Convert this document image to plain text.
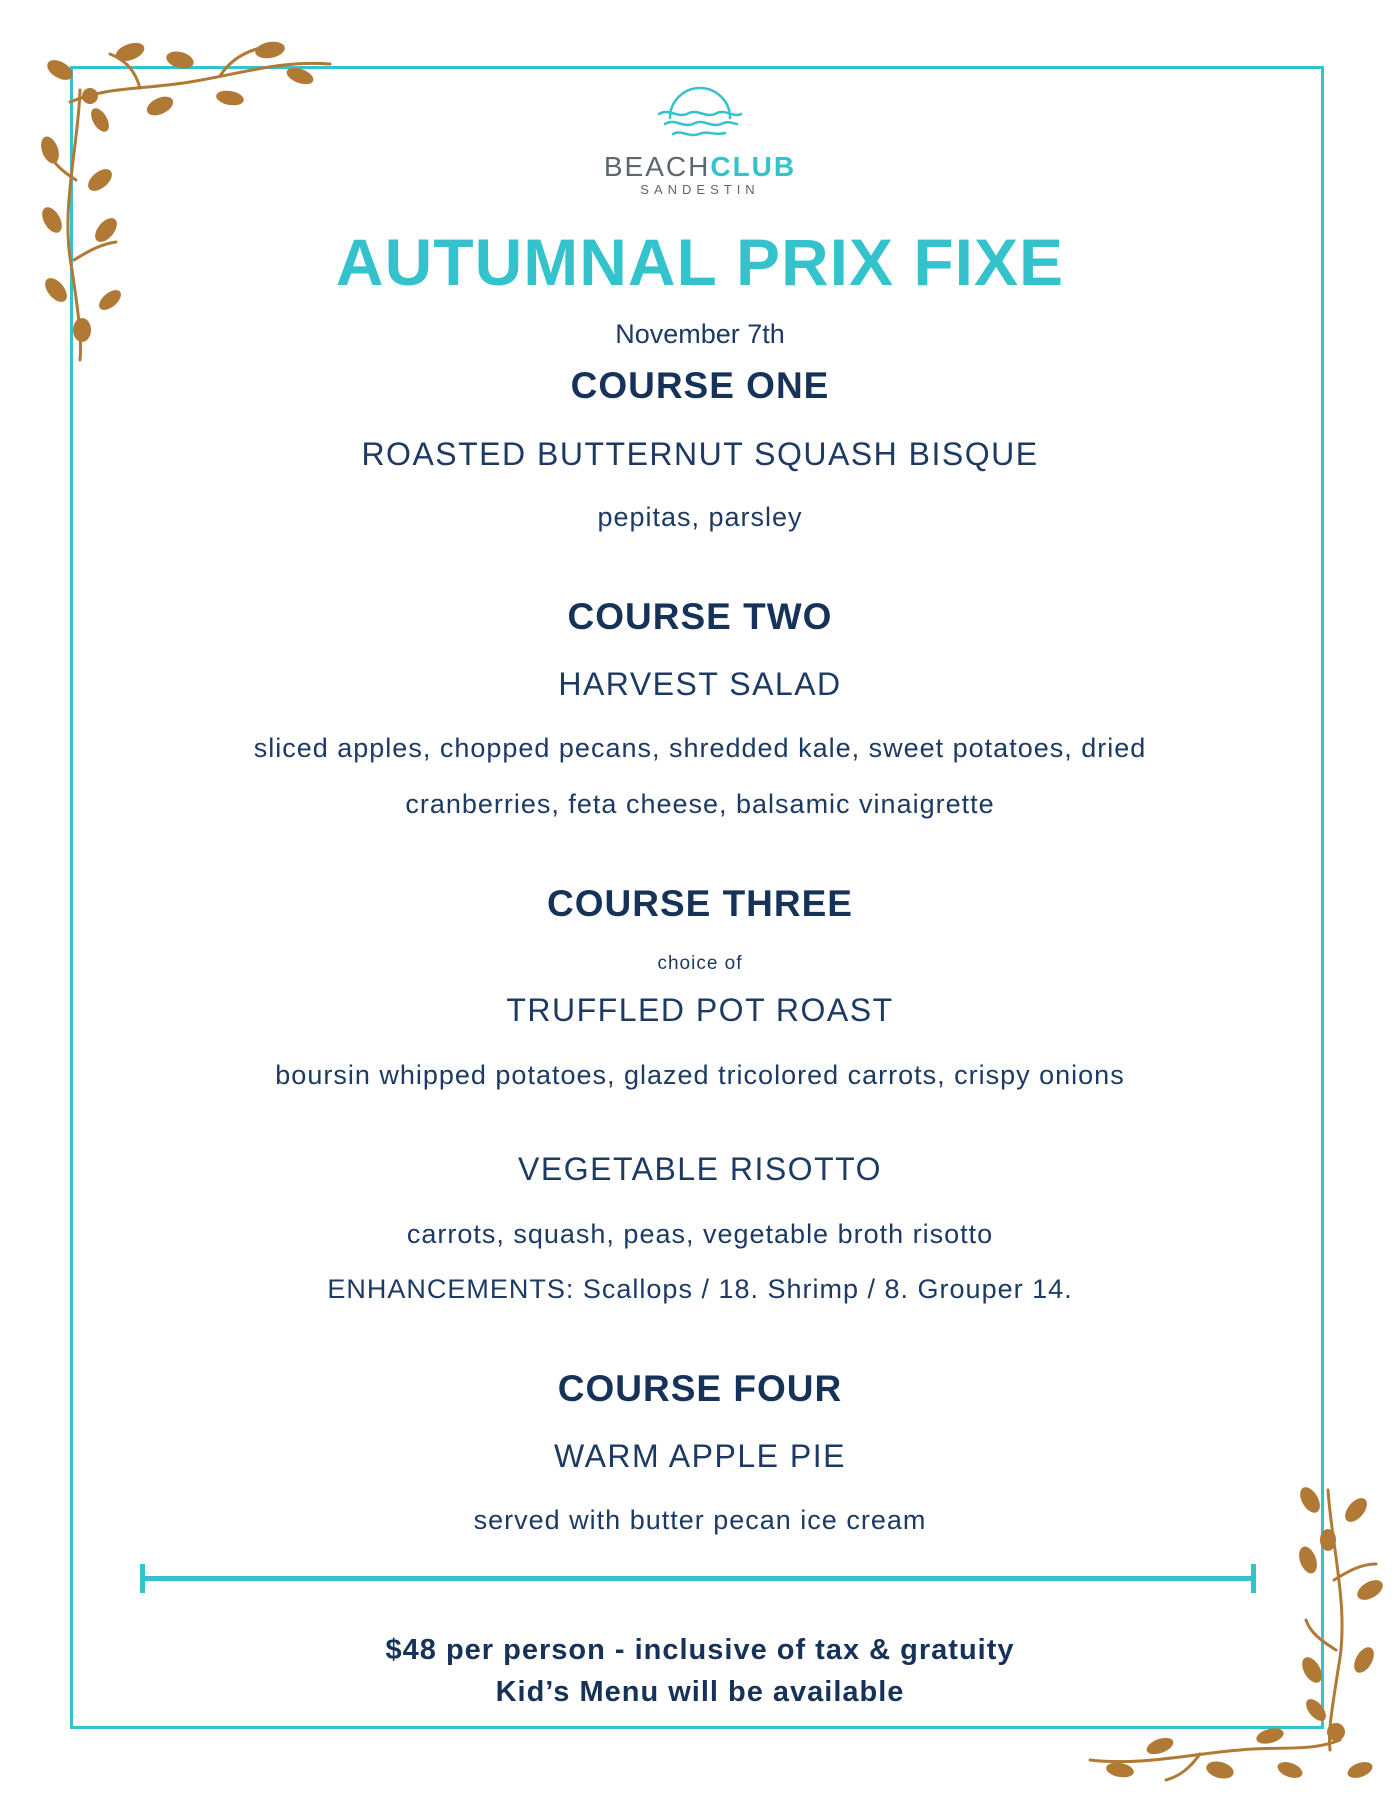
BEACHCLUB
SANDESTIN
AUTUMNAL PRIX FIXE
November 7th
COURSE ONE
ROASTED BUTTERNUT SQUASH BISQUE
pepitas, parsley
COURSE TWO
HARVEST SALAD
sliced apples, chopped pecans, shredded kale, sweet potatoes, dried
cranberries, feta cheese, balsamic vinaigrette
COURSE THREE
choice of
TRUFFLED POT ROAST
boursin whipped potatoes, glazed tricolored carrots, crispy onions
VEGETABLE RISOTTO
carrots, squash, peas, vegetable broth risotto
ENHANCEMENTS: Scallops / 18. Shrimp / 8. Grouper 14.
COURSE FOUR
WARM APPLE PIE
served with butter pecan ice cream
$48 per person - inclusive of tax & gratuity
Kid’s Menu will be available
